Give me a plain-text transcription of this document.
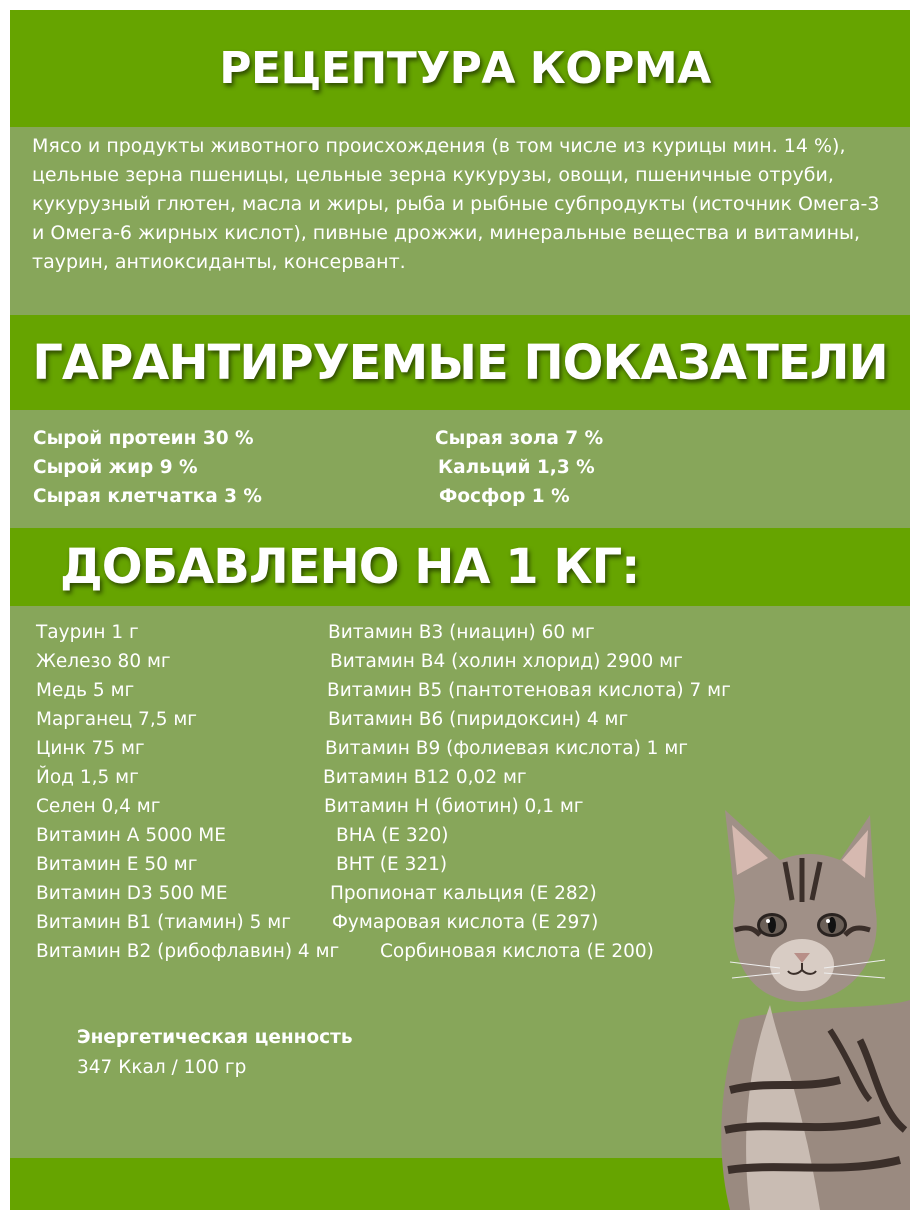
РЕЦЕПТУРА КОРМА
Мясо и продукты животного происхождения (в том числе из курицы мин. 14 %), цельные зерна пшеницы, цельные зерна кукурузы, овощи, пшеничные отруби, кукурузный глютен, масла и жиры, рыба и рыбные субпродукты (источник Омега-3 и Омега-6 жирных кислот), пивные дрожжи, минеральные вещества и витамины, таурин, антиоксиданты, консервант.
ГАРАНТИРУЕМЫЕ ПОКАЗАТЕЛИ
Сырой протеин 30 %
Сырой жир 9 %
Сырая клетчатка 3 %
Сырая зола 7 %
Кальций 1,3 %
Фосфор 1 %
ДОБАВЛЕНО НА 1 КГ:
Таурин 1 г
Железо 80 мг
Медь 5 мг
Марганец 7,5 мг
Цинк 75 мг
Йод 1,5 мг
Селен 0,4 мг
Витамин А 5000 МЕ
Витамин Е 50 мг
Витамин D3 500 МЕ
Витамин В1 (тиамин) 5 мг
Витамин В2 (рибофлавин) 4 мг
Витамин В3 (ниацин) 60 мг
Витамин В4 (холин хлорид) 2900 мг
Витамин В5 (пантотеновая кислота) 7 мг
Витамин В6 (пиридоксин) 4 мг
Витамин В9 (фолиевая кислота) 1 мг
Витамин В12 0,02 мг
Витамин Н (биотин) 0,1 мг
ВНА (Е 320)
ВНТ (Е 321)
Пропионат кальция (Е 282)
Фумаровая кислота (Е 297)
Сорбиновая кислота (Е 200)
Энергетическая ценность
347 Ккал / 100 гр
